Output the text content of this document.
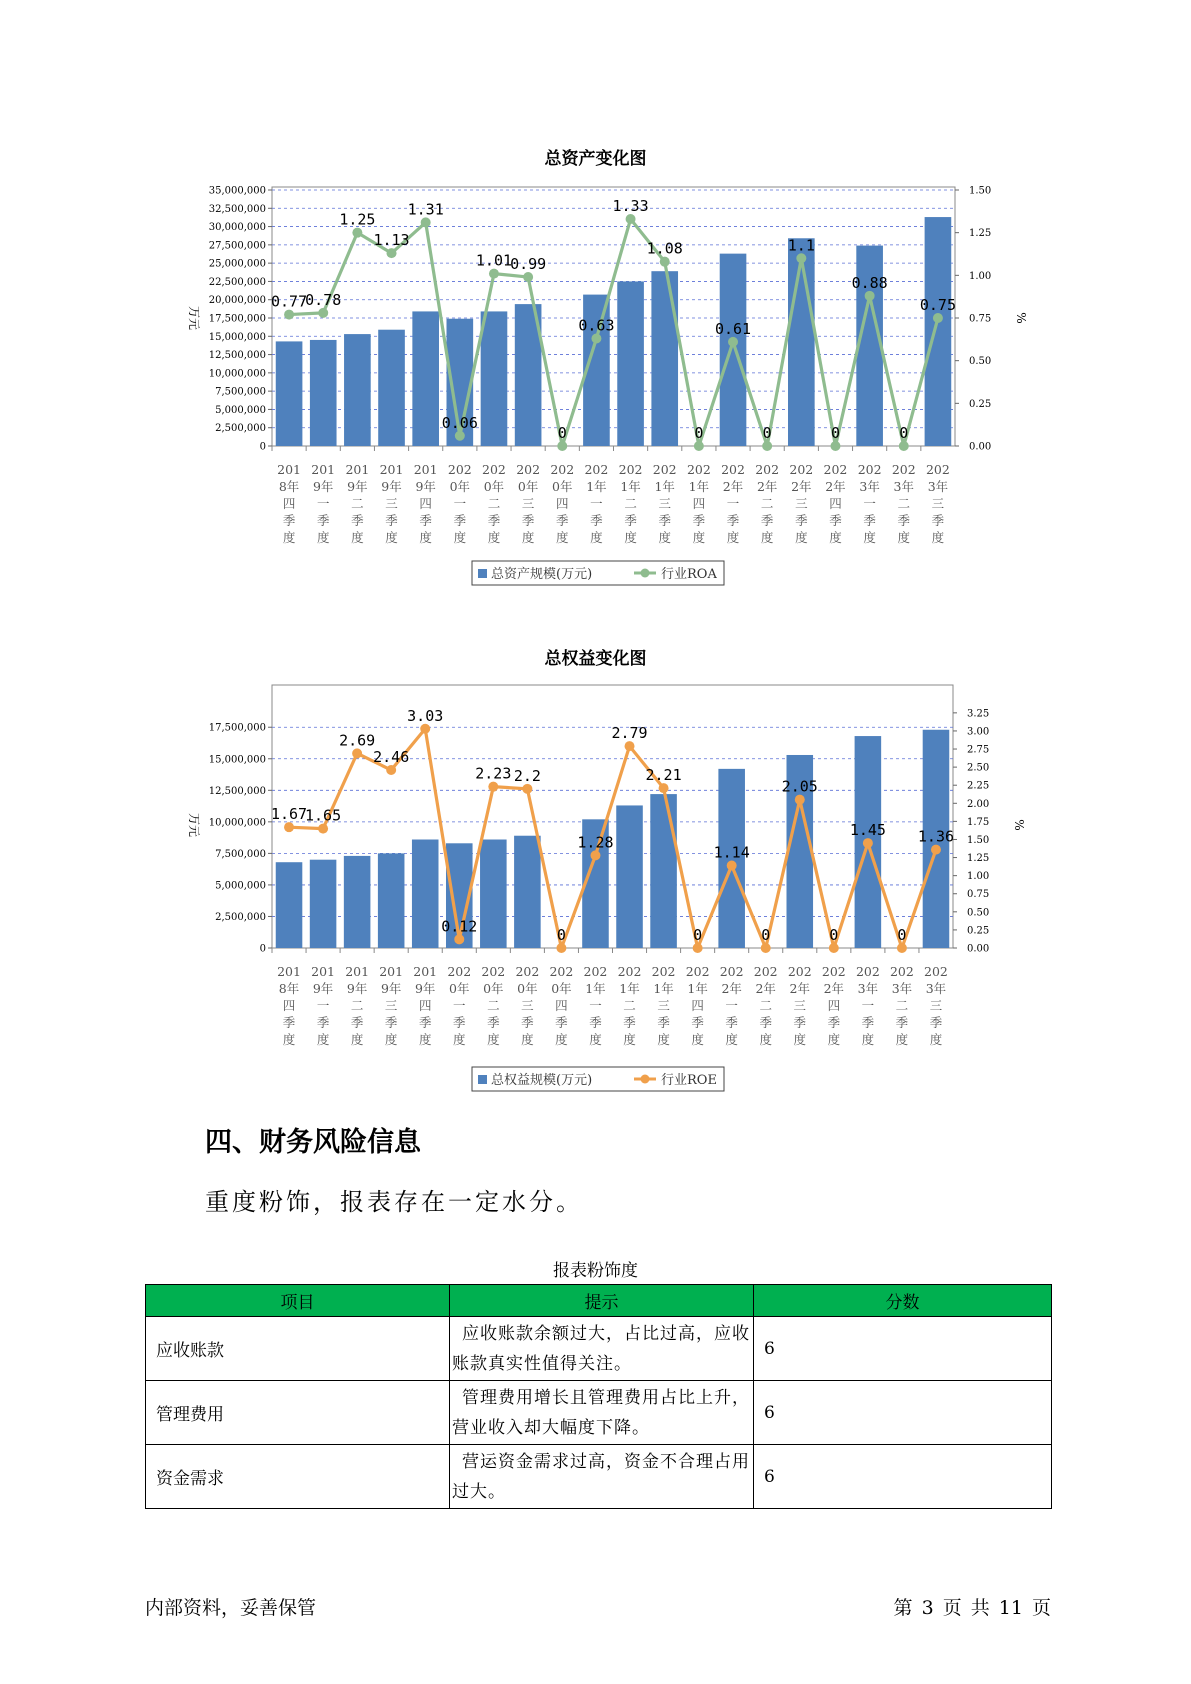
总资产变化图
0
2,500,000
5,000,000
7,500,000
10,000,000
12,500,000
15,000,000
17,500,000
20,000,000
22,500,000
25,000,000
27,500,000
30,000,000
32,500,000
35,000,000
0.00
0.25
0.50
0.75
1.00
1.25
1.50
万元	%
201 8年四季度
201 9年一季度
201 9年二季度
201 9年三季度
201 9年四季度
202 0年一季度
202 0年二季度
202 0年三季度
202 0年四季度
202 1年一季度
202 1年二季度
202 1年三季度
202 1年四季度
202 2年一季度
202 2年二季度
202 2年三季度
202 2年四季度
202 3年一季度
202 3年二季度
202 3年三季度
0.77
0.78
1.25
1.13
1.31
0.06
1.01
0.99
0
0.63
1.33
1.08
0
0.61
0
1.1
0
0.88
0
0.75
总资产规模(万元)	行业ROA
总权益变化图
0
2,500,000
5,000,000
7,500,000
10,000,000
12,500,000
15,000,000
17,500,000
0.00
0.25
0.50
0.75
1.00
1.25
1.50
1.75
2.00
2.25
2.50
2.75
3.00
3.25
万元	%
201 8年四季度
201 9年一季度
201 9年二季度
201 9年三季度
201 9年四季度
202 0年一季度
202 0年二季度
202 0年三季度
202 0年四季度
202 1年一季度
202 1年二季度
202 1年三季度
202 1年四季度
202 2年一季度
202 2年二季度
202 2年三季度
202 2年四季度
202 3年一季度
202 3年二季度
202 3年三季度
1.67
1.65
2.69
2.46
3.03
0.12
2.23 2.2
0
1.28
2.79
2.21
0
1.14
0
2.05
0
1.45
0
1.36
总权益规模(万元)	行业ROE
四、财务风险信息
重度粉饰，报表存在一定水分。
报表粉饰度
项目	提示	分数
应收账款	应收账款余额过大，占比过高，应收账款真实性值得关注。	6
管理费用	管理费用增长且管理费用占比上升，营业收入却大幅度下降。	6
资金需求	营运资金需求过高，资金不合理占用过大。	6
内部资料，妥善保管	第 3 页 共 11 页
